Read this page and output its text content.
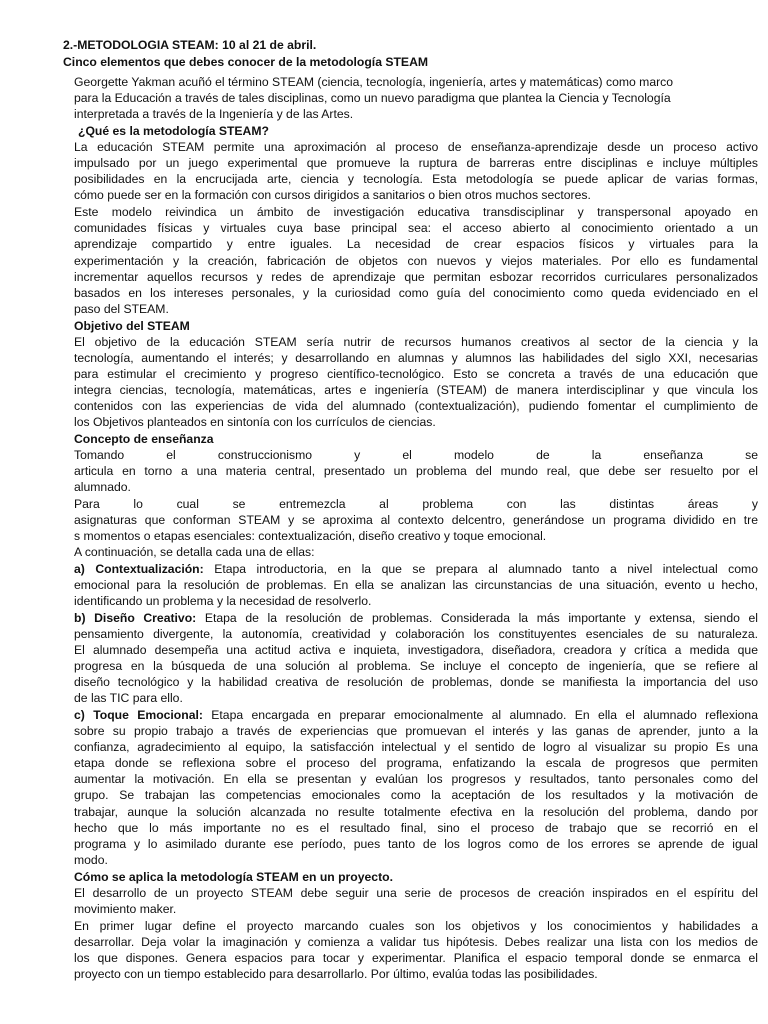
2.-METODOLOGIA STEAM: 10 al 21 de abril.

Cinco elementos que debes conocer de la metodología STEAM

Georgette Yakman acuñó el término STEAM (ciencia, tecnología, ingeniería, artes y matemáticas) como marco

para la Educación a través de tales disciplinas, como un nuevo paradigma que plantea la Ciencia y Tecnología

interpretada a través de la Ingeniería y de las Artes.

¿Qué es la metodología STEAM?

La educación STEAM permite una aproximación al proceso de enseñanza-aprendizaje desde un proceso activo

impulsado por un juego experimental que promueve la ruptura de barreras entre disciplinas e incluye múltiples

posibilidades en la encrucijada arte, ciencia y tecnología. Esta metodología se puede aplicar de varias formas,

cómo puede ser en la formación con cursos dirigidos a sanitarios o bien otros muchos sectores.

Este modelo reivindica un ámbito de investigación educativa transdisciplinar y transpersonal apoyado en

comunidades físicas y virtuales cuya base principal sea: el acceso abierto al conocimiento orientado a un

aprendizaje compartido y entre iguales. La necesidad de crear espacios físicos y virtuales para la

experimentación y la creación, fabricación de objetos con nuevos y viejos materiales. Por ello es fundamental

incrementar aquellos recursos y redes de aprendizaje que permitan esbozar recorridos curriculares personalizados

basados en los intereses personales, y la curiosidad como guía del conocimiento como queda evidenciado en el

paso del STEAM.

Objetivo del STEAM

El objetivo de la educación STEAM sería nutrir de recursos humanos creativos al sector de la ciencia y la

tecnología, aumentando el interés; y desarrollando en alumnas y alumnos las habilidades del siglo XXI, necesarias

para estimular el crecimiento y progreso científico-tecnológico. Esto se concreta a través de una educación que

integra ciencias, tecnología, matemáticas, artes e ingeniería (STEAM) de manera interdisciplinar y que vincula los

contenidos con las experiencias de vida del alumnado (contextualización), pudiendo fomentar el cumplimiento de

los Objetivos planteados en sintonía con los currículos de ciencias.

Concepto de enseñanza

Tomando el construccionismo y el modelo de la enseñanza se

articula en torno a una materia central, presentado un problema del mundo real, que debe ser resuelto por el

alumnado.

Para lo cual se entremezcla al problema con las distintas áreas y

asignaturas que conforman STEAM y se aproxima al contexto delcentro, generándose un programa dividido en tre

s momentos o etapas esenciales: contextualización, diseño creativo y toque emocional.

A continuación, se detalla cada una de ellas:

a) Contextualización: Etapa introductoria, en la que se prepara al alumnado tanto a nivel intelectual como

emocional para la resolución de problemas. En ella se analizan las circunstancias de una situación, evento u hecho,

identificando un problema y la necesidad de resolverlo.

b) Diseño Creativo: Etapa de la resolución de problemas. Considerada la más importante y extensa, siendo el

pensamiento divergente, la autonomía, creatividad y colaboración los constituyentes esenciales de su naturaleza.

El alumnado desempeña una actitud activa e inquieta, investigadora, diseñadora, creadora y crítica a medida que

progresa en la búsqueda de una solución al problema. Se incluye el concepto de ingeniería, que se refiere al

diseño tecnológico y la habilidad creativa de resolución de problemas, donde se manifiesta la importancia del uso

de las TIC para ello.

c) Toque Emocional: Etapa encargada en preparar emocionalmente al alumnado. En ella el alumnado reflexiona

sobre su propio trabajo a través de experiencias que promuevan el interés y las ganas de aprender, junto a la

confianza, agradecimiento al equipo, la satisfacción intelectual y el sentido de logro al visualizar su propio Es una

etapa donde se reflexiona sobre el proceso del programa, enfatizando la escala de progresos que permiten

aumentar la motivación. En ella se presentan y evalúan los progresos y resultados, tanto personales como del

grupo. Se trabajan las competencias emocionales como la aceptación de los resultados y la motivación de

trabajar, aunque la solución alcanzada no resulte totalmente efectiva en la resolución del problema, dando por

hecho que lo más importante no es el resultado final, sino el proceso de trabajo que se recorrió en el

programa y lo asimilado durante ese período, pues tanto de los logros como de los errores se aprende de igual

modo.

Cómo se aplica la metodología STEAM en un proyecto.

El desarrollo de un proyecto STEAM debe seguir una serie de procesos de creación inspirados en el espíritu del

movimiento maker.

En primer lugar define el proyecto marcando cuales son los objetivos y los conocimientos y habilidades a

desarrollar. Deja volar la imaginación y comienza a validar tus hipótesis. Debes realizar una lista con los medios de

los que dispones. Genera espacios para tocar y experimentar. Planifica el espacio temporal donde se enmarca el

proyecto con un tiempo establecido para desarrollarlo. Por último, evalúa todas las posibilidades.
